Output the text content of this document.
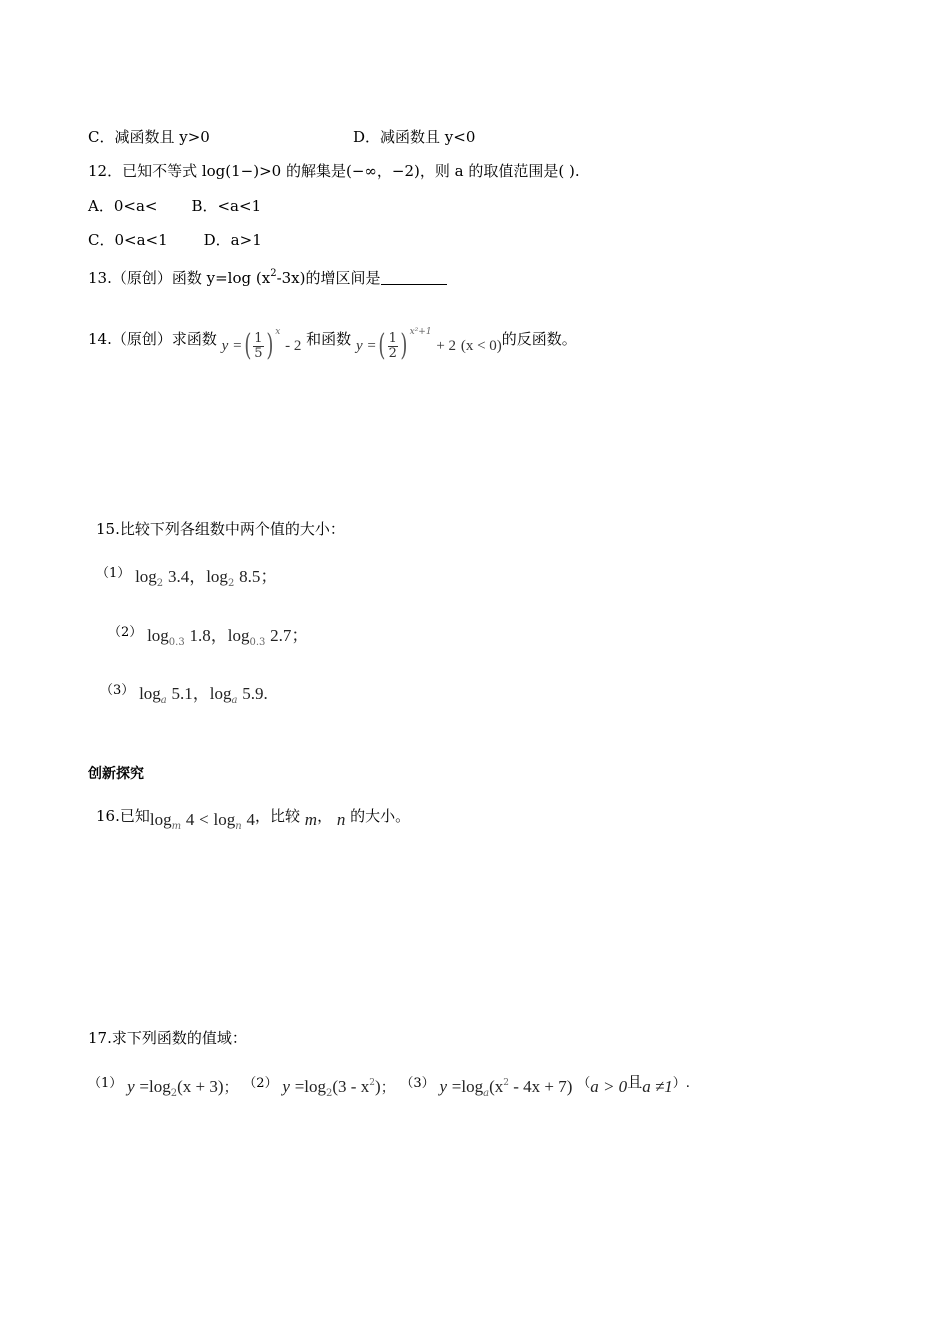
C．减函数且 y>0	D．减函数且 y<0
12．已知不等式 log(1−)>0 的解集是(−∞，−2)，则 a 的取值范围是( ).
A．0<a< B．<a<1
C．0<a<1 D．a>1
13.（原创）函数 y=log $(x^2-3x)$的增区间是
14.（原创）求函数 y =( $\frac{1}{5}$ ) $^x$ - 2 和函数 y =( $\frac{1}{2}$ ) $^{x^2+1}$ + 2 (x < 0)的反函数。
15.比较下列各组数中两个值的大小：
（1） $\log_2 3.4$，$\log_2 8.5$；
（2） $\log_{0.3} 1.8$，$\log_{0.3} 2.7$；
（3） $\log_a 5.1$，$\log_a 5.9$.
创新探究
16.已知$\log_m 4 < \log_n 4$，比较 m， n 的大小。
17.求下列函数的值域：
（1） $y =\log_2(x + 3)$； （2） $y =\log_2(3 - x^2)$； （3） $y =\log_a(x^2 - 4x + 7) (a > 0$且a ≠1）.
